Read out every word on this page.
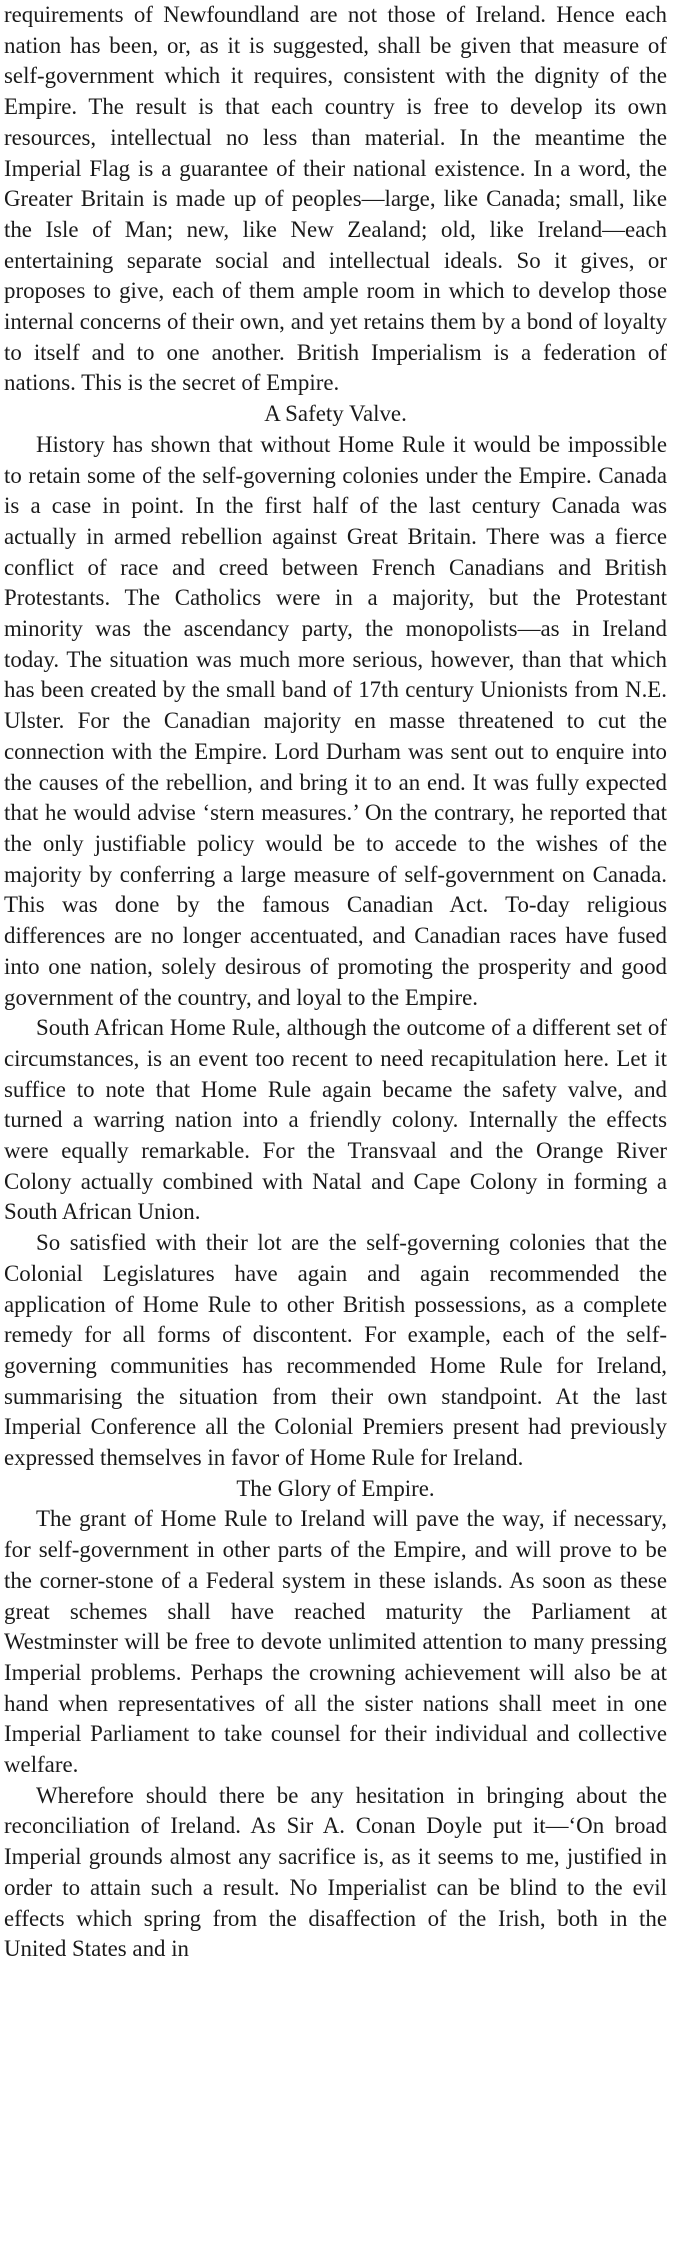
requirements of Newfoundland are not those of Ireland. Hence each nation has been, or, as it is suggested, shall be given that measure of self-government which it requires, consistent with the dignity of the Empire. The result is that each country is free to develop its own resources, intellectual no less than material. In the meantime the Imperial Flag is a guarantee of their national existence. In a word, the Greater Britain is made up of peoples—large, like Canada; small, like the Isle of Man; new, like New Zealand; old, like Ireland—each entertaining separate social and intellectual ideals. So it gives, or proposes to give, each of them ample room in which to develop those internal concerns of their own, and yet retains them by a bond of loyalty to itself and to one another. British Imperialism is a federation of nations. This is the secret of Empire.

A Safety Valve.

History has shown that without Home Rule it would be impossible to retain some of the self-governing colonies under the Empire. Canada is a case in point. In the first half of the last century Canada was actually in armed rebellion against Great Britain. There was a fierce conflict of race and creed between French Canadians and British Protestants. The Catholics were in a majority, but the Protestant minority was the ascendancy party, the monopolists—as in Ireland today. The situation was much more serious, however, than that which has been created by the small band of 17th century Unionists from N.E. Ulster. For the Canadian majority en masse threatened to cut the connection with the Empire. Lord Durham was sent out to enquire into the causes of the rebellion, and bring it to an end. It was fully expected that he would advise ‘stern measures.’ On the contrary, he reported that the only justifiable policy would be to accede to the wishes of the majority by conferring a large measure of self-government on Canada. This was done by the famous Canadian Act. To-day religious differences are no longer accentuated, and Canadian races have fused into one nation, solely desirous of promoting the prosperity and good government of the country, and loyal to the Empire.

South African Home Rule, although the outcome of a different set of circumstances, is an event too recent to need recapitulation here. Let it suffice to note that Home Rule again became the safety valve, and turned a warring nation into a friendly colony. Internally the effects were equally remarkable. For the Transvaal and the Orange River Colony actually combined with Natal and Cape Colony in forming a South African Union.

So satisfied with their lot are the self-governing colonies that the Colonial Legislatures have again and again recommended the application of Home Rule to other British possessions, as a complete remedy for all forms of discontent. For example, each of the self-governing communities has recommended Home Rule for Ireland, summarising the situation from their own standpoint. At the last Imperial Conference all the Colonial Premiers present had previously expressed themselves in favor of Home Rule for Ireland.

The Glory of Empire.

The grant of Home Rule to Ireland will pave the way, if necessary, for self-government in other parts of the Empire, and will prove to be the corner-stone of a Federal system in these islands. As soon as these great schemes shall have reached maturity the Parliament at Westminster will be free to devote unlimited attention to many pressing Imperial problems. Perhaps the crowning achievement will also be at hand when representatives of all the sister nations shall meet in one Imperial Parliament to take counsel for their individual and collective welfare.

Wherefore should there be any hesitation in bringing about the reconciliation of Ireland. As Sir A. Conan Doyle put it—‘On broad Imperial grounds almost any sacrifice is, as it seems to me, justified in order to attain such a result. No Imperialist can be blind to the evil effects which spring from the disaffection of the Irish, both in the United States and in
